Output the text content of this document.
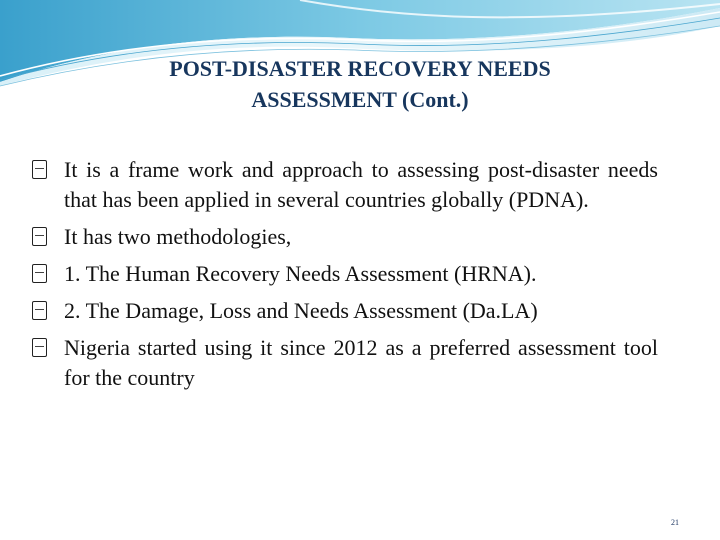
POST-DISASTER RECOVERY NEEDS
ASSESSMENT (Cont.)
It is a frame work and approach to assessing post-disaster needs that has been applied in several countries globally (PDNA).
It has two methodologies,
1. The Human Recovery Needs Assessment (HRNA).
2. The Damage, Loss and Needs Assessment (Da.LA)
Nigeria started using it since 2012 as a preferred assessment tool for the country
21
